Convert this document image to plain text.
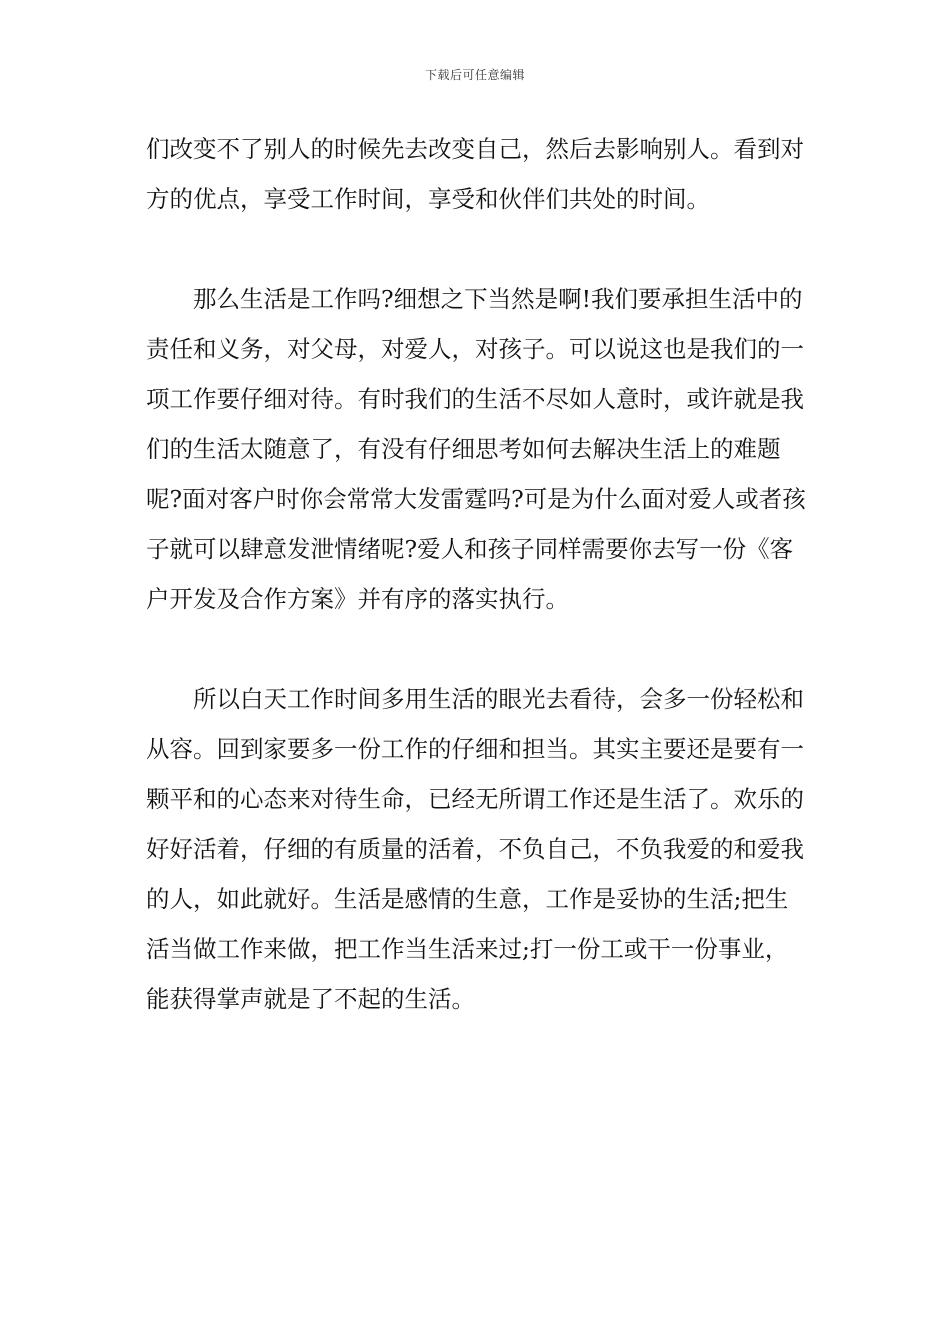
下载后可任意编辑

们改变不了别人的时候先去改变自己，然后去影响别人。看到对方的优点，享受工作时间，享受和伙伴们共处的时间。

那么生活是工作吗?细想之下当然是啊!我们要承担生活中的责任和义务，对父母，对爱人，对孩子。可以说这也是我们的一项工作要仔细对待。有时我们的生活不尽如人意时，或许就是我们的生活太随意了，有没有仔细思考如何去解决生活上的难题呢?面对客户时你会常常大发雷霆吗?可是为什么面对爱人或者孩子就可以肆意发泄情绪呢?爱人和孩子同样需要你去写一份《客户开发及合作方案》并有序的落实执行。

所以白天工作时间多用生活的眼光去看待，会多一份轻松和从容。回到家要多一份工作的仔细和担当。其实主要还是要有一颗平和的心态来对待生命，已经无所谓工作还是生活了。欢乐的好好活着，仔细的有质量的活着，不负自己，不负我爱的和爱我的人，如此就好。生活是感情的生意，工作是妥协的生活;把生活当做工作来做，把工作当生活来过;打一份工或干一份事业，能获得掌声就是了不起的生活。
